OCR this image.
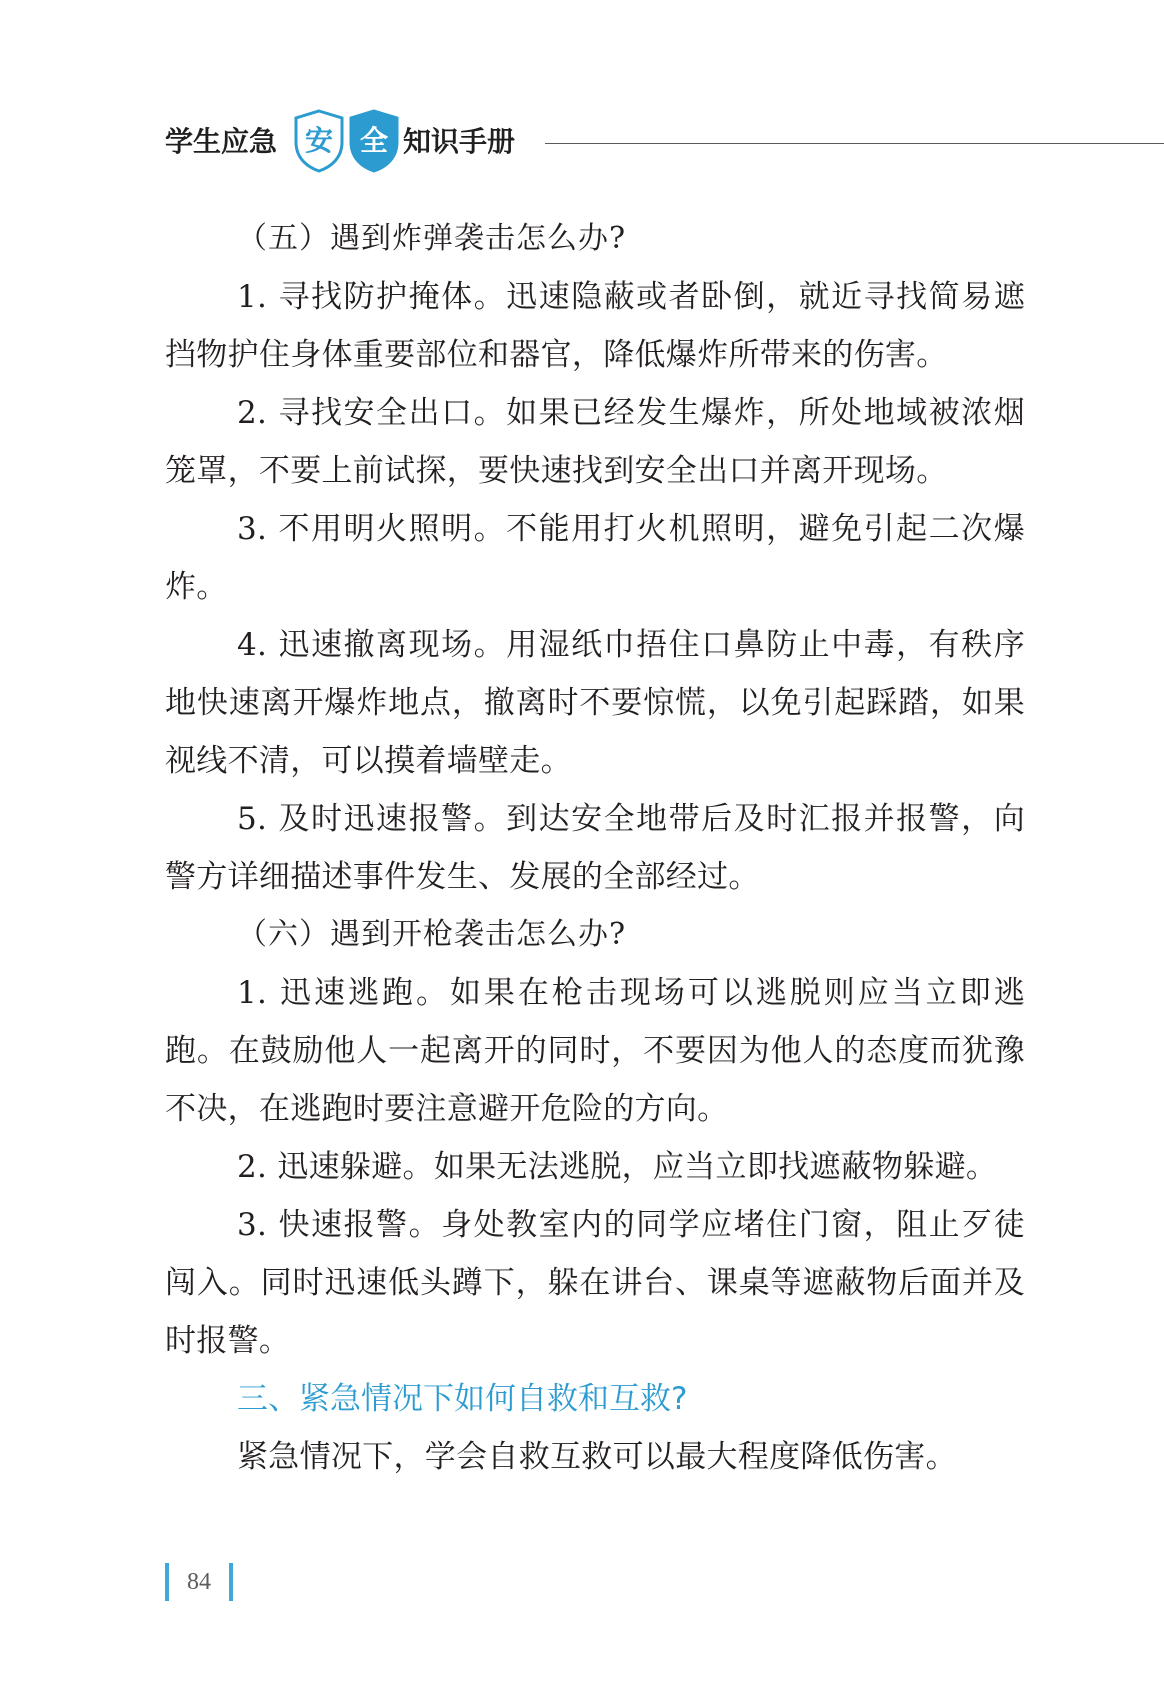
学生应急 安 全 知识手册

（五）遇到炸弹袭击怎么办?

1. 寻找防护掩体。迅速隐蔽或者卧倒，就近寻找简易遮挡物护住身体重要部位和器官，降低爆炸所带来的伤害。

2. 寻找安全出口。如果已经发生爆炸，所处地域被浓烟笼罩，不要上前试探，要快速找到安全出口并离开现场。

3. 不用明火照明。不能用打火机照明，避免引起二次爆炸。

4. 迅速撤离现场。用湿纸巾捂住口鼻防止中毒，有秩序地快速离开爆炸地点，撤离时不要惊慌，以免引起踩踏，如果视线不清，可以摸着墙壁走。

5. 及时迅速报警。到达安全地带后及时汇报并报警，向警方详细描述事件发生、发展的全部经过。

（六）遇到开枪袭击怎么办?

1. 迅速逃跑。如果在枪击现场可以逃脱则应当立即逃跑。在鼓励他人一起离开的同时，不要因为他人的态度而犹豫不决，在逃跑时要注意避开危险的方向。

2. 迅速躲避。如果无法逃脱，应当立即找遮蔽物躲避。

3. 快速报警。身处教室内的同学应堵住门窗，阻止歹徒闯入。同时迅速低头蹲下，躲在讲台、课桌等遮蔽物后面并及时报警。

三、紧急情况下如何自救和互救?

紧急情况下，学会自救互救可以最大程度降低伤害。

84
